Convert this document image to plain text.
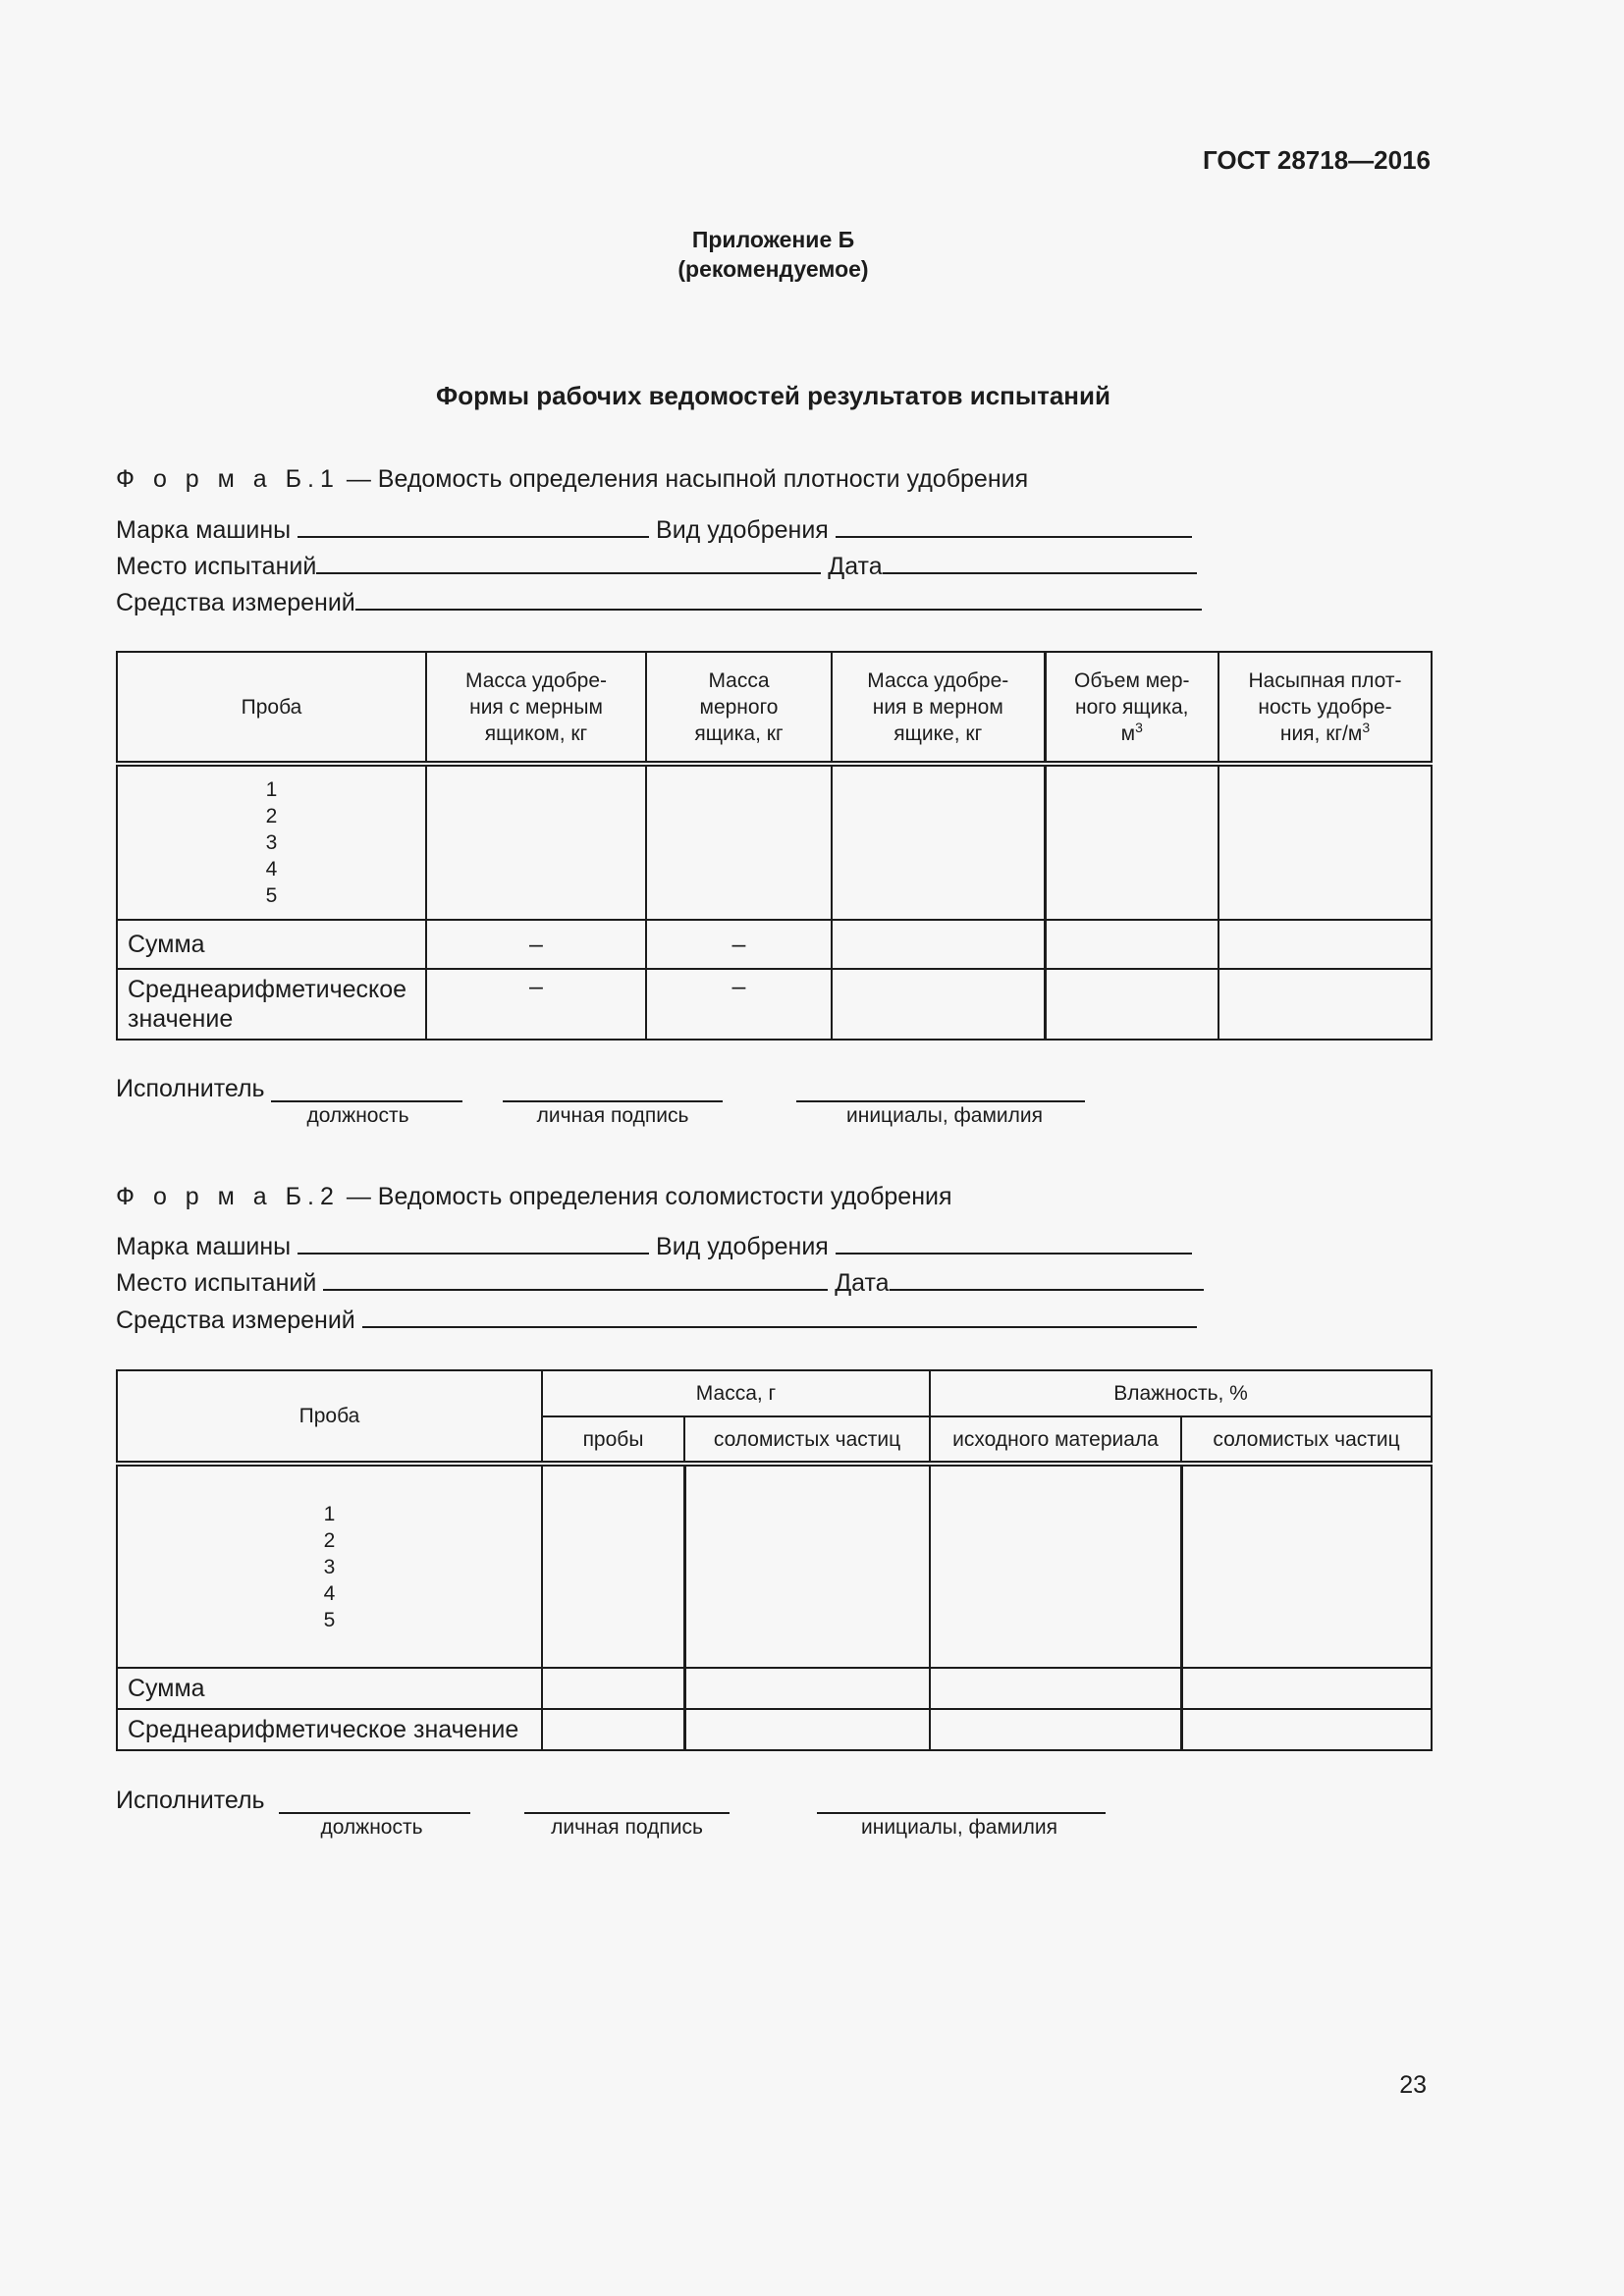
ГОСТ 28718—2016
Приложение Б
(рекомендуемое)
Формы рабочих ведомостей результатов испытаний
Ф о р м а Б.1 — Ведомость определения насыпной плотности удобрения
Марка машины	Вид удобрения
Место испытаний	Дата
Средства измерений
Проба	Масса удобре-ния с мерным ящиком, кг	Масса мерного ящика, кг	Масса удобре-ния в мерном ящике, кг	Объем мер-ного ящика, $м^3$	Насыпная плот-ность удобре-ния, $кг/м^3$

1
2
3
4
5					

Сумма	–	–			

Среднеарифметическое
значение	–	–			
Исполнитель
должность	личная подпись	инициалы, фамилия
Ф о р м а Б.2 — Ведомость определения соломистости удобрения
Марка машины	Вид удобрения
Место испытаний	Дата
Средства измерений
Проба	Масса, г		Влажность, %	
	пробы	соломистых частиц	исходного материала	соломистых частиц

1
2
3
4
5				

Сумма				
Среднеарифметическое значение				
Исполнитель
должность	личная подпись	инициалы, фамилия
23
